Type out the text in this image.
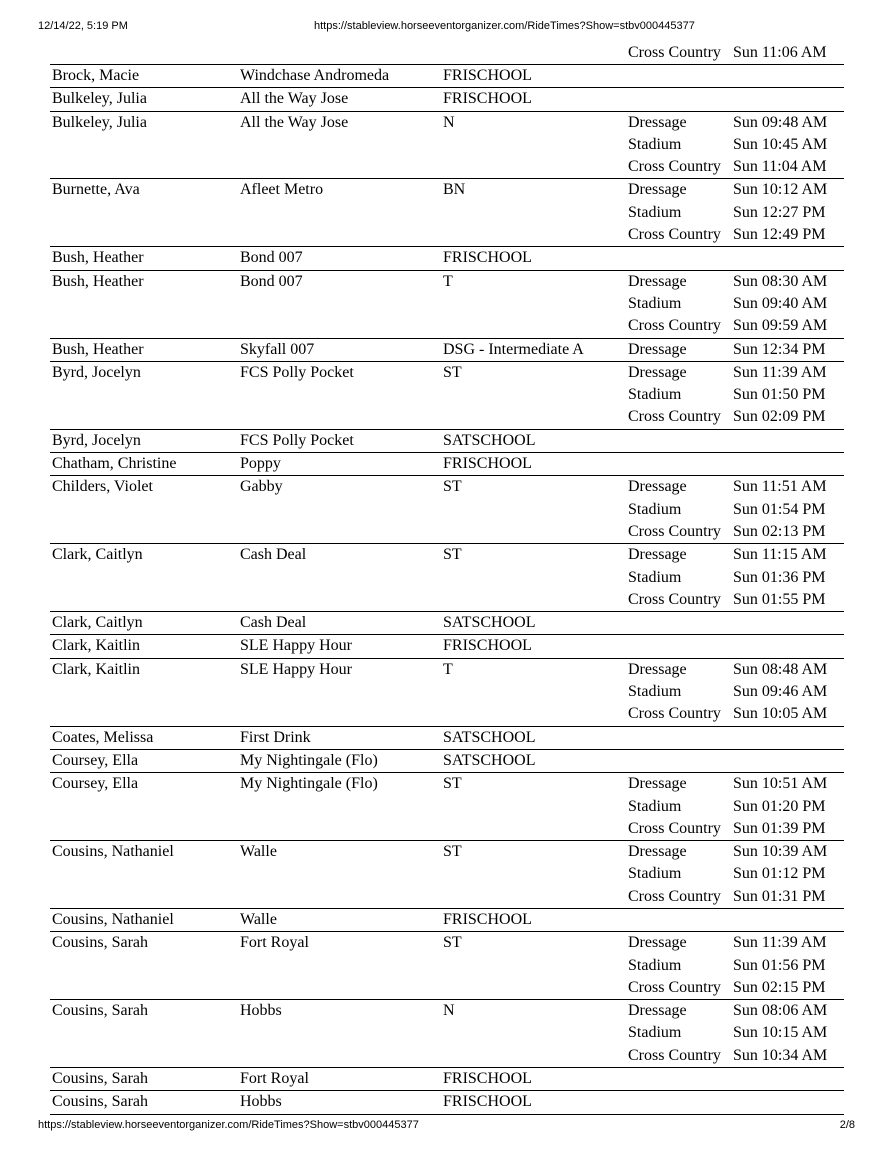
12/14/22, 5:19 PM	https://stableview.horseeventorganizer.com/RideTimes?Show=stbv000445377
Cross Country Sun 11:06 AM
Brock, Macie	Windchase Andromeda	FRISCHOOL

Bulkeley, Julia	All the Way Jose	FRISCHOOL

Bulkeley, Julia	All the Way Jose	N	Dressage	Sun 09:48 AM
Stadium	Sun 10:45 AM
Cross Country Sun 11:04 AM
Burnette, Ava	Afleet Metro	BN	Dressage	Sun 10:12 AM
Stadium	Sun 12:27 PM
Cross Country Sun 12:49 PM
Bush, Heather	Bond 007	FRISCHOOL

Bush, Heather	Bond 007	T	Dressage	Sun 08:30 AM
Stadium	Sun 09:40 AM
Cross Country Sun 09:59 AM
Bush, Heather	Skyfall 007	DSG - Intermediate A	Dressage	Sun 12:34 PM
Byrd, Jocelyn	FCS Polly Pocket	ST	Dressage	Sun 11:39 AM
Stadium	Sun 01:50 PM
Cross Country Sun 02:09 PM
Byrd, Jocelyn	FCS Polly Pocket	SATSCHOOL

Chatham, Christine	Poppy	FRISCHOOL

Childers, Violet	Gabby	ST	Dressage	Sun 11:51 AM
Stadium	Sun 01:54 PM
Cross Country Sun 02:13 PM
Clark, Caitlyn	Cash Deal	ST	Dressage	Sun 11:15 AM
Stadium	Sun 01:36 PM
Cross Country Sun 01:55 PM
Clark, Caitlyn	Cash Deal	SATSCHOOL

Clark, Kaitlin	SLE Happy Hour	FRISCHOOL

Clark, Kaitlin	SLE Happy Hour	T	Dressage	Sun 08:48 AM
Stadium	Sun 09:46 AM
Cross Country Sun 10:05 AM
Coates, Melissa	First Drink	SATSCHOOL

Coursey, Ella	My Nightingale (Flo)	SATSCHOOL

Coursey, Ella	My Nightingale (Flo)	ST	Dressage	Sun 10:51 AM
Stadium	Sun 01:20 PM
Cross Country Sun 01:39 PM
Cousins, Nathaniel	Walle	ST	Dressage	Sun 10:39 AM
Stadium	Sun 01:12 PM
Cross Country Sun 01:31 PM
Cousins, Nathaniel	Walle	FRISCHOOL

Cousins, Sarah	Fort Royal	ST	Dressage	Sun 11:39 AM
Stadium	Sun 01:56 PM
Cross Country Sun 02:15 PM
Cousins, Sarah	Hobbs	N	Dressage	Sun 08:06 AM
Stadium	Sun 10:15 AM
Cross Country Sun 10:34 AM
Cousins, Sarah	Fort Royal	FRISCHOOL

Cousins, Sarah	Hobbs	FRISCHOOL

https://stableview.horseeventorganizer.com/RideTimes?Show=stbv000445377	2/8
